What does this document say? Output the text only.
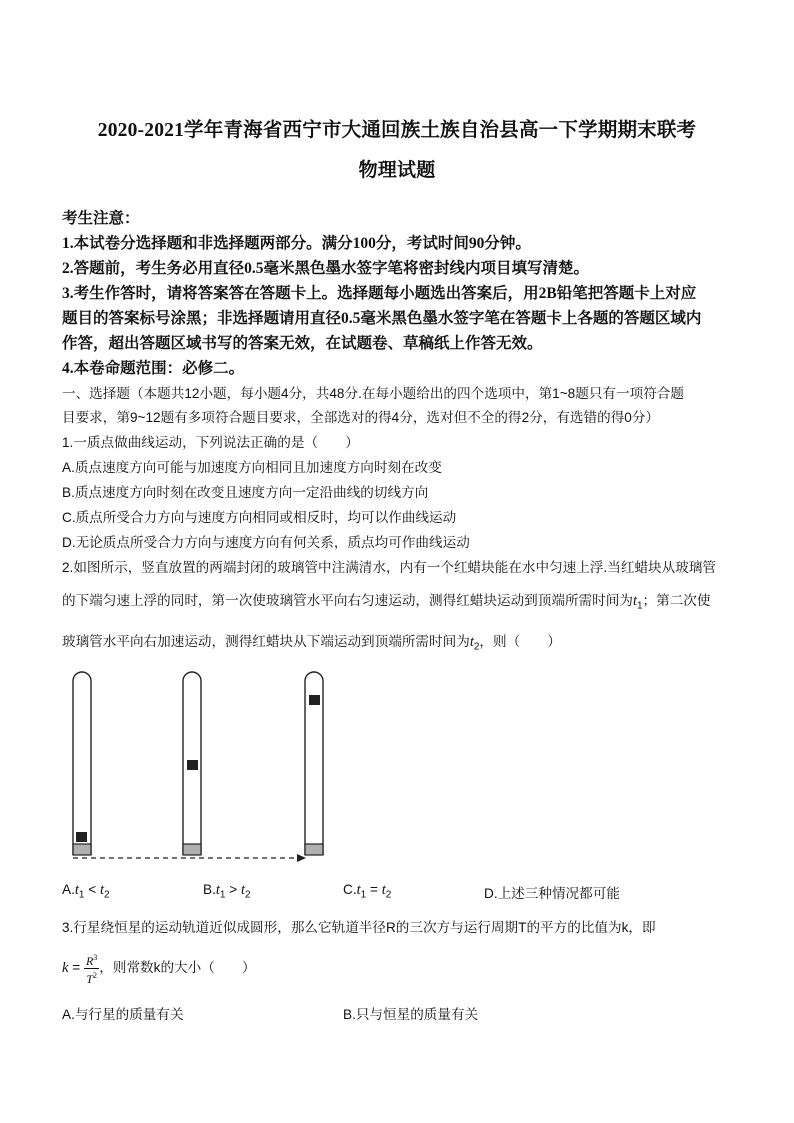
2020-2021学年青海省西宁市大通回族土族自治县高一下学期期末联考
物理试题
考生注意：
1.本试卷分选择题和非选择题两部分。满分100分，考试时间90分钟。
2.答题前，考生务必用直径0.5毫米黑色墨水签字笔将密封线内项目填写清楚。
3.考生作答时，请将答案答在答题卡上。选择题每小题选出答案后，用2B铅笔把答题卡上对应
题目的答案标号涂黑；非选择题请用直径0.5毫米黑色墨水签字笔在答题卡上各题的答题区域内
作答，超出答题区域书写的答案无效，在试题卷、草稿纸上作答无效。
4.本卷命题范围：必修二。
一、选择题（本题共12小题，每小题4分，共48分.在每小题给出的四个选项中，第1~8题只有一项符合题
目要求，第9~12题有多项符合题目要求，全部选对的得4分，选对但不全的得2分，有选错的得0分）
1.一质点做曲线运动，下列说法正确的是（　　）
A.质点速度方向可能与加速度方向相同且加速度方向时刻在改变
B.质点速度方向时刻在改变且速度方向一定沿曲线的切线方向
C.质点所受合力方向与速度方向相同或相反时，均可以作曲线运动
D.无论质点所受合力方向与速度方向有何关系，质点均可作曲线运动
2.如图所示，竖直放置的两端封闭的玻璃管中注满清水，内有一个红蜡块能在水中匀速上浮.当红蜡块从玻璃管
的下端匀速上浮的同时，第一次使玻璃管水平向右匀速运动，测得红蜡块运动到顶端所需时间为$t_1$；第二次使
玻璃管水平向右加速运动，测得红蜡块从下端运动到顶端所需时间为$t_2$，则（　　）
$A.t_1 < t_2$	$B.t_1 > t_2$	$C.t_1 = t_2$	D.上述三种情况都可能
3.行星绕恒星的运动轨道近似成圆形，那么它轨道半径R的三次方与运行周期T的平方的比值为k，即
$k = \frac{R^3}{T^2}$ ，则常数k的大小（　　）
A.与行星的质量有关	B.只与恒星的质量有关
